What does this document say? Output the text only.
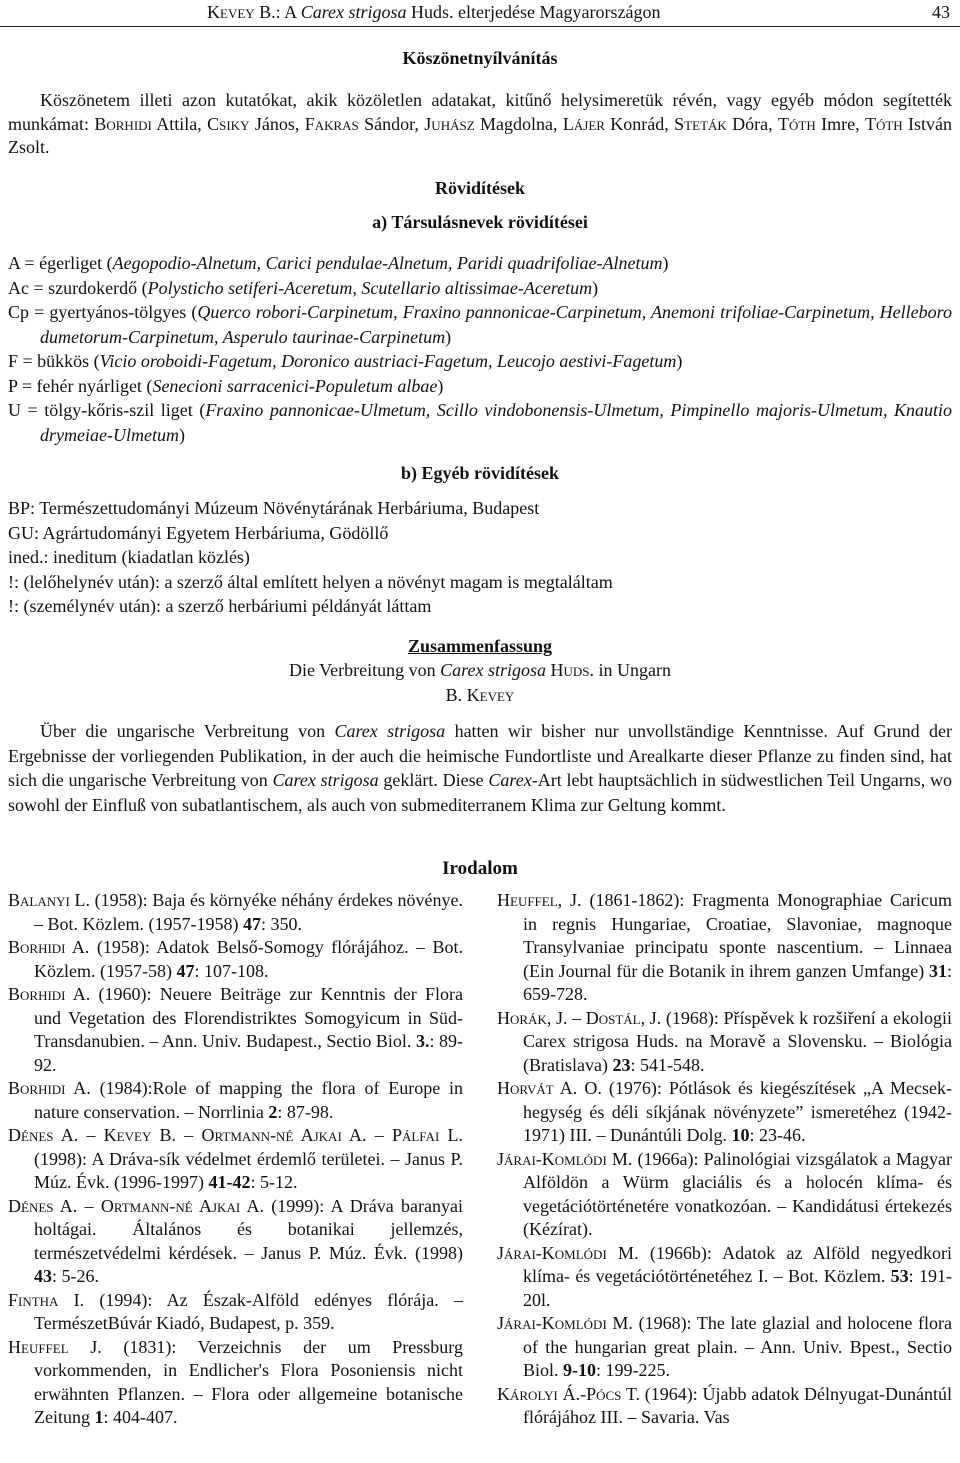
Kevey B.: A Carex strigosa Huds. elterjedése Magyarországon	43
Köszönetnyílvánítás
Köszönetem illeti azon kutatókat, akik közöletlen adatakat, kitűnő helysimeretük révén, vagy egyéb módon segítették munkámat: Borhidi Attila, Csiky János, Fakras Sándor, Juhász Magdolna, Lájer Konrád, Steták Dóra, Tóth Imre, Tóth István Zsolt.
Rövidítések
a) Társulásnevek rövidítései

A = égerliget (Aegopodio-Alnetum, Carici pendulae-Alnetum, Paridi quadrifoliae-Alnetum)

Ac = szurdokerdő (Polysticho setiferi-Aceretum, Scutellario altissimae-Aceretum)

Cp = gyertyános-tölgyes (Querco robori-Carpinetum, Fraxino pannonicae-Carpinetum, Anemoni trifoliae-Carpinetum, Helleboro dumetorum-Carpinetum, Asperulo taurinae-Carpinetum)

F = bükkös (Vicio oroboidi-Fagetum, Doronico austriaci-Fagetum, Leucojo aestivi-Fagetum)

P = fehér nyárliget (Senecioni sarracenici-Populetum albae)

U = tölgy-kőris-szil liget (Fraxino pannonicae-Ulmetum, Scillo vindobonensis-Ulmetum, Pimpinello majoris-Ulmetum, Knautio drymeiae-Ulmetum)

b) Egyéb rövidítések

BP: Természettudományi Múzeum Növénytárának Herbáriuma, Budapest

GU: Agrártudományi Egyetem Herbáriuma, Gödöllő

ined.: ineditum (kiadatlan közlés)

!: (lelőhelynév után): a szerző által említett helyen a növényt magam is megtaláltam

!: (személynév után): a szerző herbáriumi példányát láttam

Zusammenfassung
Die Verbreitung von Carex strigosa Huds. in Ungarn
B. Kevey
Über die ungarische Verbreitung von Carex strigosa hatten wir bisher nur unvollständige Kenntnisse. Auf Grund der Ergebnisse der vorliegenden Publikation, in der auch die heimische Fundortliste und Arealkarte dieser Pflanze zu finden sind, hat sich die ungarische Verbreitung von Carex strigosa geklärt. Diese Carex-Art lebt hauptsächlich in südwestlichen Teil Ungarns, wo sowohl der Einfluß von subatlantischem, als auch von submediterranem Klima zur Geltung kommt.
Irodalom

Balanyi L. (1958): Baja és környéke néhány érdekes növénye. – Bot. Közlem. (1957-1958) 47: 350.

Borhidi A. (1958): Adatok Belső-Somogy flórájához. – Bot. Közlem. (1957-58) 47: 107-108.

Borhidi A. (1960): Neuere Beiträge zur Kenntnis der Flora und Vegetation des Florendistriktes Somogyicum in Süd-Transdanubien. – Ann. Univ. Budapest., Sectio Biol. 3.: 89-92.

Borhidi A. (1984):Role of mapping the flora of Europe in nature conservation. – Norrlinia 2: 87-98.

Dénes A. – Kevey B. – Ortmann-né Ajkai A. – Pálfai L. (1998): A Dráva-sík védelmet érdemlő területei. – Janus P. Múz. Évk. (1996-1997) 41-42: 5-12.

Dénes A. – Ortmann-né Ajkai A. (1999): A Dráva baranyai holtágai. Általános és botanikai jellemzés, természetvédelmi kérdések. – Janus P. Múz. Évk. (1998) 43: 5-26.

Fintha I. (1994): Az Észak-Alföld edényes flórája. – TermészetBúvár Kiadó, Budapest, p. 359.

Heuffel J. (1831): Verzeichnis der um Pressburg vorkommenden, in Endlicher's Flora Posoniensis nicht erwähnten Pflanzen. – Flora oder allgemeine botanische Zeitung 1: 404-407.

Heuffel, J. (1861-1862): Fragmenta Monographiae Caricum in regnis Hungariae, Croatiae, Slavoniae, magnoque Transylvaniae principatu sponte nascentium. – Linnaea (Ein Journal für die Botanik in ihrem ganzen Umfange) 31: 659-728.

Horák, J. – Dostál, J. (1968): Příspěvek k rozšiření a ekologii Carex strigosa Huds. na Moravě a Slovensku. – Biológia (Bratislava) 23: 541-548.

Horvát A. O. (1976): Pótlások és kiegészítések „A Mecsek-hegység és déli síkjának növényzete” ismeretéhez (1942-1971) III. – Dunántúli Dolg. 10: 23-46.

Járai-Komlódi M. (1966a): Palinológiai vizsgálatok a Magyar Alföldön a Würm glaciális és a holocén klíma- és vegetációtörténetére vonatkozóan. – Kandidátusi értekezés (Kézírat).

Járai-Komlódi M. (1966b): Adatok az Alföld negyedkori klíma- és vegetációtörténetéhez I. – Bot. Közlem. 53: 191-20l.

Járai-Komlódi M. (1968): The late glazial and holocene flora of the hungarian great plain. – Ann. Univ. Bpest., Sectio Biol. 9-10: 199-225.

Károlyi Á.-Pócs T. (1964): Újabb adatok Délnyugat-Dunántúl flórájához III. – Savaria. Vas
